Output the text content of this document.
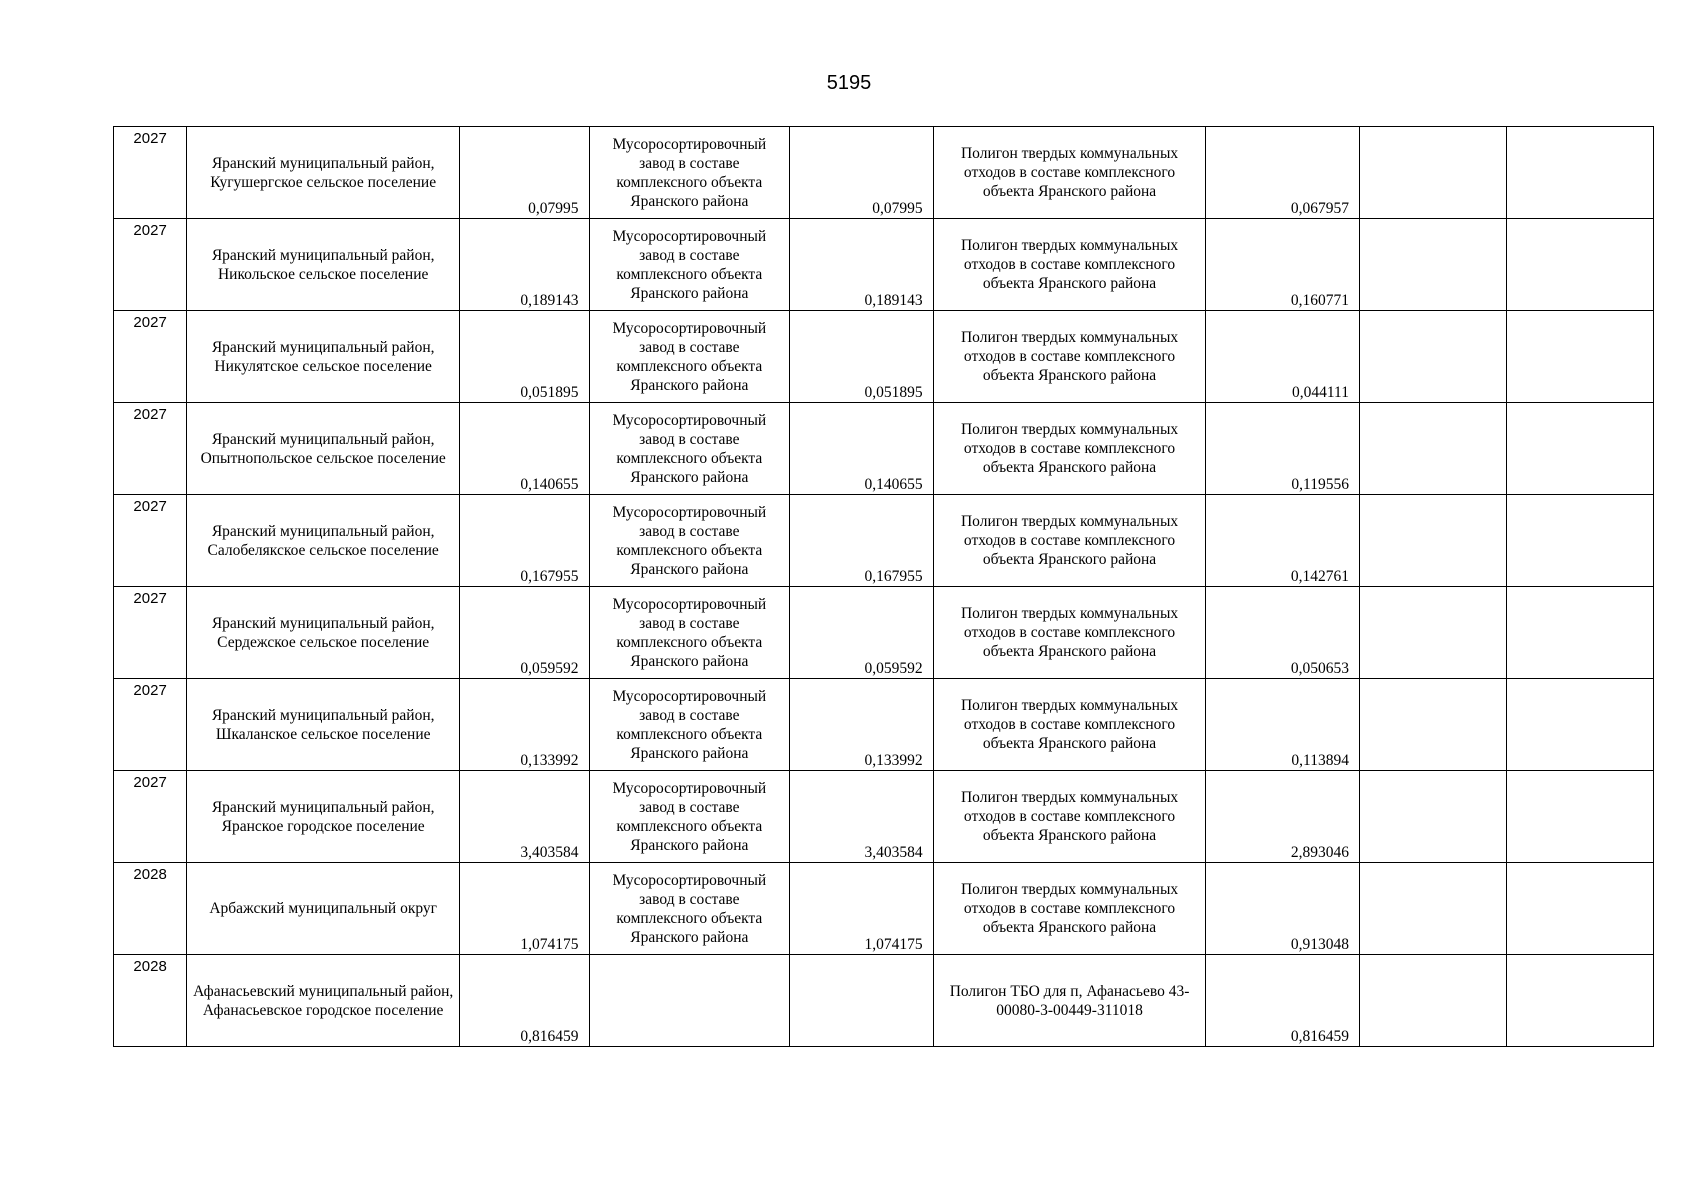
5195
2027	Яранский муниципальный район, Кугушергское сельское поселение	0,07995	Мусоросортировочный завод в составе комплексного объекта Яранского района	0,07995	Полигон твердых коммунальных отходов в составе комплексного объекта Яранского района	0,067957		

2027	Яранский муниципальный район, Никольское сельское поселение	0,189143	Мусоросортировочный завод в составе комплексного объекта Яранского района	0,189143	Полигон твердых коммунальных отходов в составе комплексного объекта Яранского района	0,160771		

2027	Яранский муниципальный район, Никулятское сельское поселение	0,051895	Мусоросортировочный завод в составе комплексного объекта Яранского района	0,051895	Полигон твердых коммунальных отходов в составе комплексного объекта Яранского района	0,044111		

2027	Яранский муниципальный район, Опытнопольское сельское поселение	0,140655	Мусоросортировочный завод в составе комплексного объекта Яранского района	0,140655	Полигон твердых коммунальных отходов в составе комплексного объекта Яранского района	0,119556		

2027	Яранский муниципальный район, Салобелякское сельское поселение	0,167955	Мусоросортировочный завод в составе комплексного объекта Яранского района	0,167955	Полигон твердых коммунальных отходов в составе комплексного объекта Яранского района	0,142761		

2027	Яранский муниципальный район, Сердежское сельское поселение	0,059592	Мусоросортировочный завод в составе комплексного объекта Яранского района	0,059592	Полигон твердых коммунальных отходов в составе комплексного объекта Яранского района	0,050653		

2027	Яранский муниципальный район, Шкаланское сельское поселение	0,133992	Мусоросортировочный завод в составе комплексного объекта Яранского района	0,133992	Полигон твердых коммунальных отходов в составе комплексного объекта Яранского района	0,113894		

2027	Яранский муниципальный район, Яранское городское поселение	3,403584	Мусоросортировочный завод в составе комплексного объекта Яранского района	3,403584	Полигон твердых коммунальных отходов в составе комплексного объекта Яранского района	2,893046		

2028	Арбажский муниципальный округ	1,074175	Мусоросортировочный завод в составе комплексного объекта Яранского района	1,074175	Полигон твердых коммунальных отходов в составе комплексного объекта Яранского района	0,913048		

2028	Афанасьевский муниципальный район, Афанасьевское городское поселение	0,816459			Полигон ТБО для п, Афанасьево 43-00080-3-00449-311018	0,816459		
